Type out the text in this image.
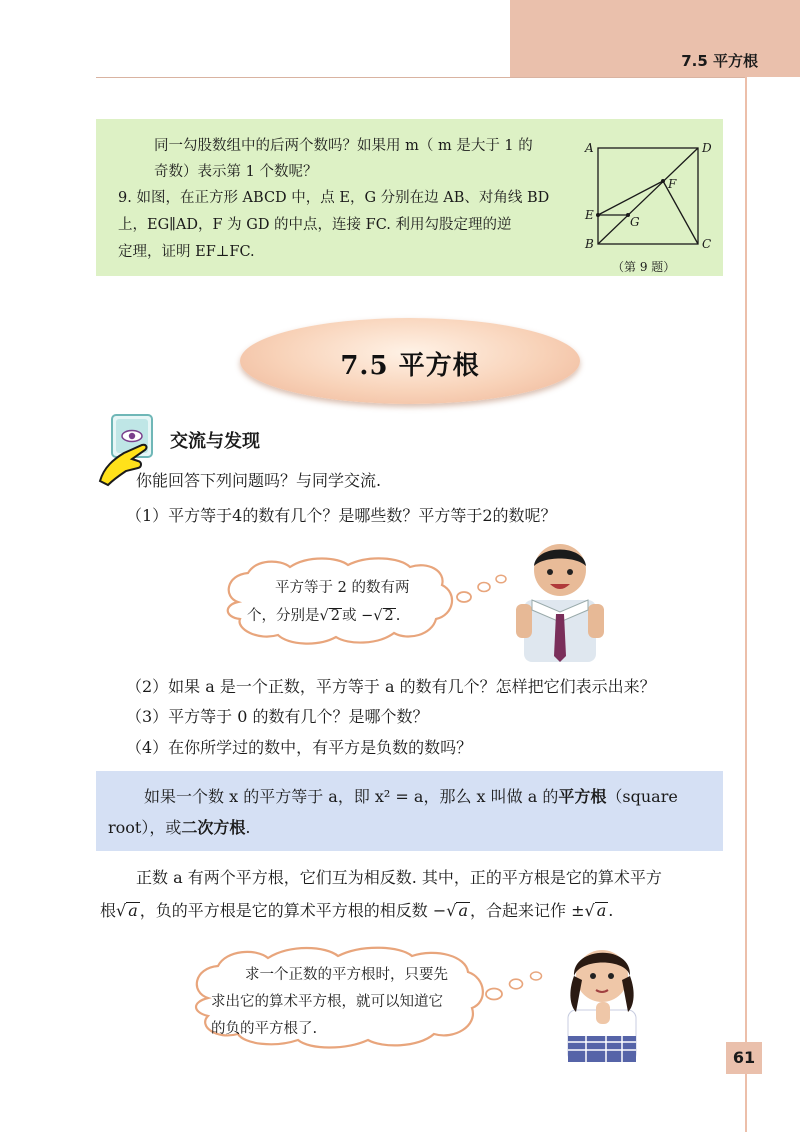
7.5 平方根
同一勾股数组中的后两个数吗？如果用 m（ m 是大于 1 的
奇数）表示第 1 个数呢？
9. 如图，在正方形 ABCD 中，点 E，G 分别在边 AB、对角线 BD
上，EG∥AD，F 为 GD 的中点，连接 FC. 利用勾股定理的逆
定理，证明 EF⊥FC.
A
B	C
D
E
F
G
（第 9 题）
7.5 平方根
交流与发现
你能回答下列问题吗？与同学交流.
（1）平方等于4的数有几个？是哪些数？平方等于2的数呢？
平方等于 2 的数有两
个，分别是√ 2 或 −√ 2 .
（2）如果 a 是一个正数，平方等于 a 的数有几个？怎样把它们表示出来？
（3）平方等于 0 的数有几个？是哪个数？
（4）在你所学过的数中，有平方是负数的数吗？
如果一个数 x 的平方等于 a，即 x² = a，那么 x 叫做 a 的平方根（square
root），或二次方根.
正数 a 有两个平方根，它们互为相反数. 其中，正的平方根是它的算术平方
根√ a ，负的平方根是它的算术平方根的相反数 −√ a ，合起来记作 ±√ a .
求一个正数的平方根时，只要先
求出它的算术平方根，就可以知道它
的负的平方根了.
61
